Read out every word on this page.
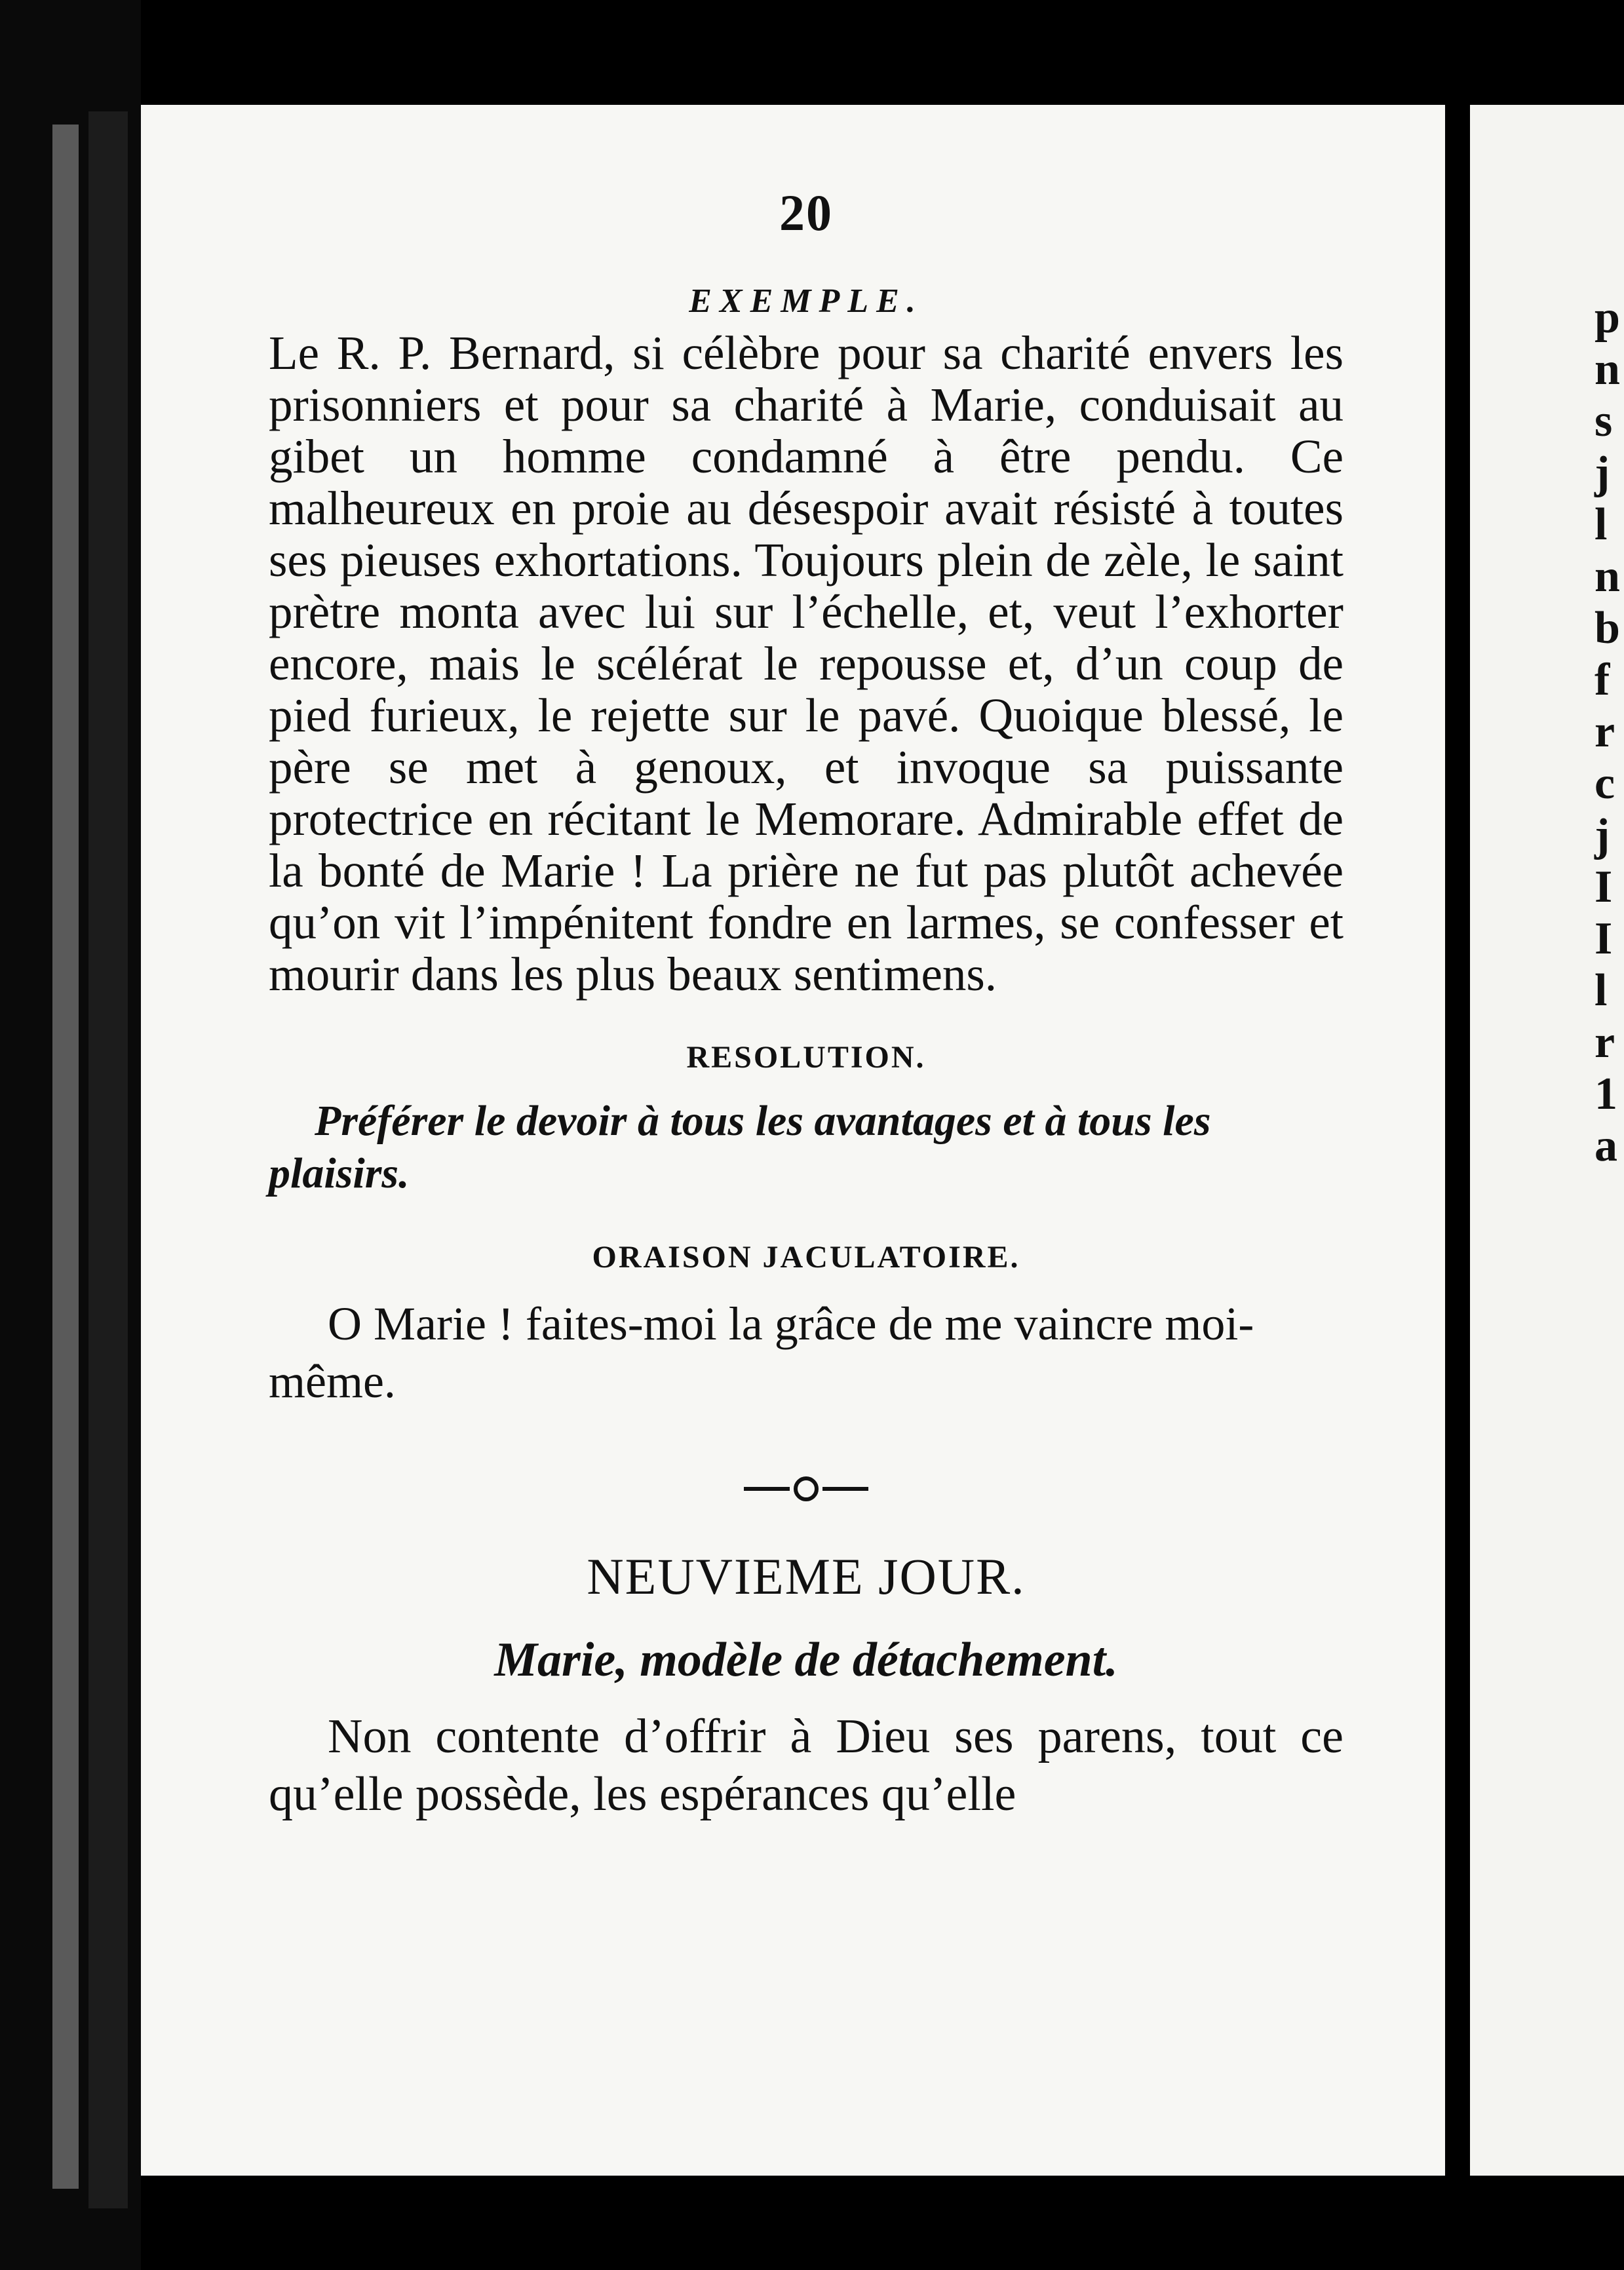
p n s j l n b f r c j I I l r 1 a
20
EXEMPLE.

Le R. P. Bernard, si célèbre pour sa charité envers les prisonniers et pour sa charité à Marie, conduisait au gibet un homme condamné à être pendu. Ce malheureux en proie au désespoir avait résisté à toutes ses pieuses exhortations. Toujours plein de zèle, le saint prètre monta avec lui sur l’échelle, et, veut l’exhorter encore, mais le scélérat le repousse et, d’un coup de pied furieux, le rejette sur le pavé. Quoique blessé, le père se met à genoux, et invoque sa puissante protectrice en récitant le Memorare. Admirable effet de la bonté de Marie ! La prière ne fut pas plutôt achevée qu’on vit l’impénitent fondre en larmes, se confesser et mourir dans les plus beaux sentimens.

RESOLUTION.

Préférer le devoir à tous les avantages et à tous les plaisirs.

ORAISON JACULATOIRE.

O Marie ! faites-moi la grâce de me vaincre moi-même.

NEUVIEME JOUR.
Marie, modèle de détachement.

Non contente d’offrir à Dieu ses parens, tout ce qu’elle possède, les espérances qu’elle
